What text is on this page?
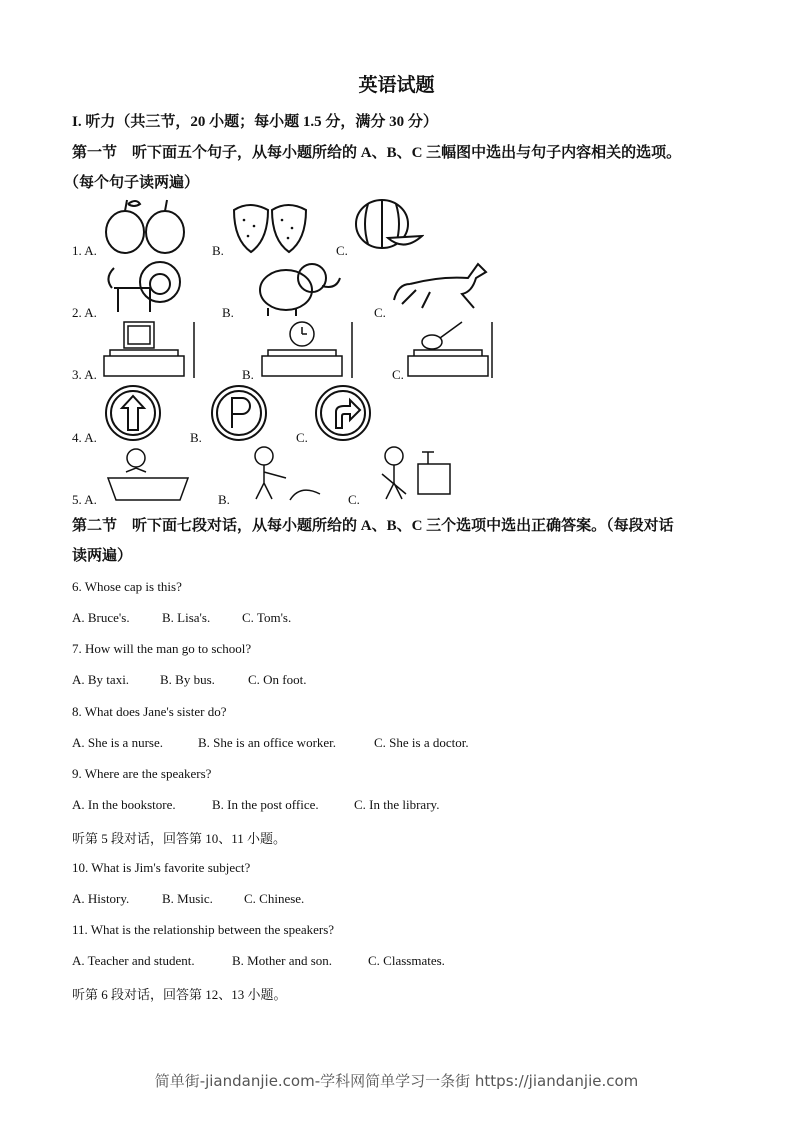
英语试题
I. 听力（共三节，20 小题；每小题 1.5 分，满分 30 分）
第一节　听下面五个句子，从每小题所给的 A、B、C 三幅图中选出与句子内容相关的选项。
（每个句子读两遍）
1. A.	B.	C.
2. A.	B.	C.
3. A.	B.	C.
4. A.	B.	C.
5. A.	B.	C.
第二节　听下面七段对话，从每小题所给的 A、B、C 三个选项中选出正确答案。（每段对话
读两遍）
6. Whose cap is this?
A. Bruce's. B. Lisa's. C. Tom's.
7. How will the man go to school?
A. By taxi. B. By bus.	C. On foot.
8. What does Jane's sister do?
A. She is a nurse.	B. She is an office worker.	C. She is a doctor.
9. Where are the speakers?
A. In the bookstore.	B. In the post office.	C. In the library.
听第 5 段对话，回答第 10、11 小题。
10. What is Jim's favorite subject?
A. History.	B. Music. C. Chinese.
11. What is the relationship between the speakers?
A. Teacher and student.	B. Mother and son.	C. Classmates.
听第 6 段对话，回答第 12、13 小题。
简单街-jiandanjie.com-学科网简单学习一条街 https://jiandanjie.com
